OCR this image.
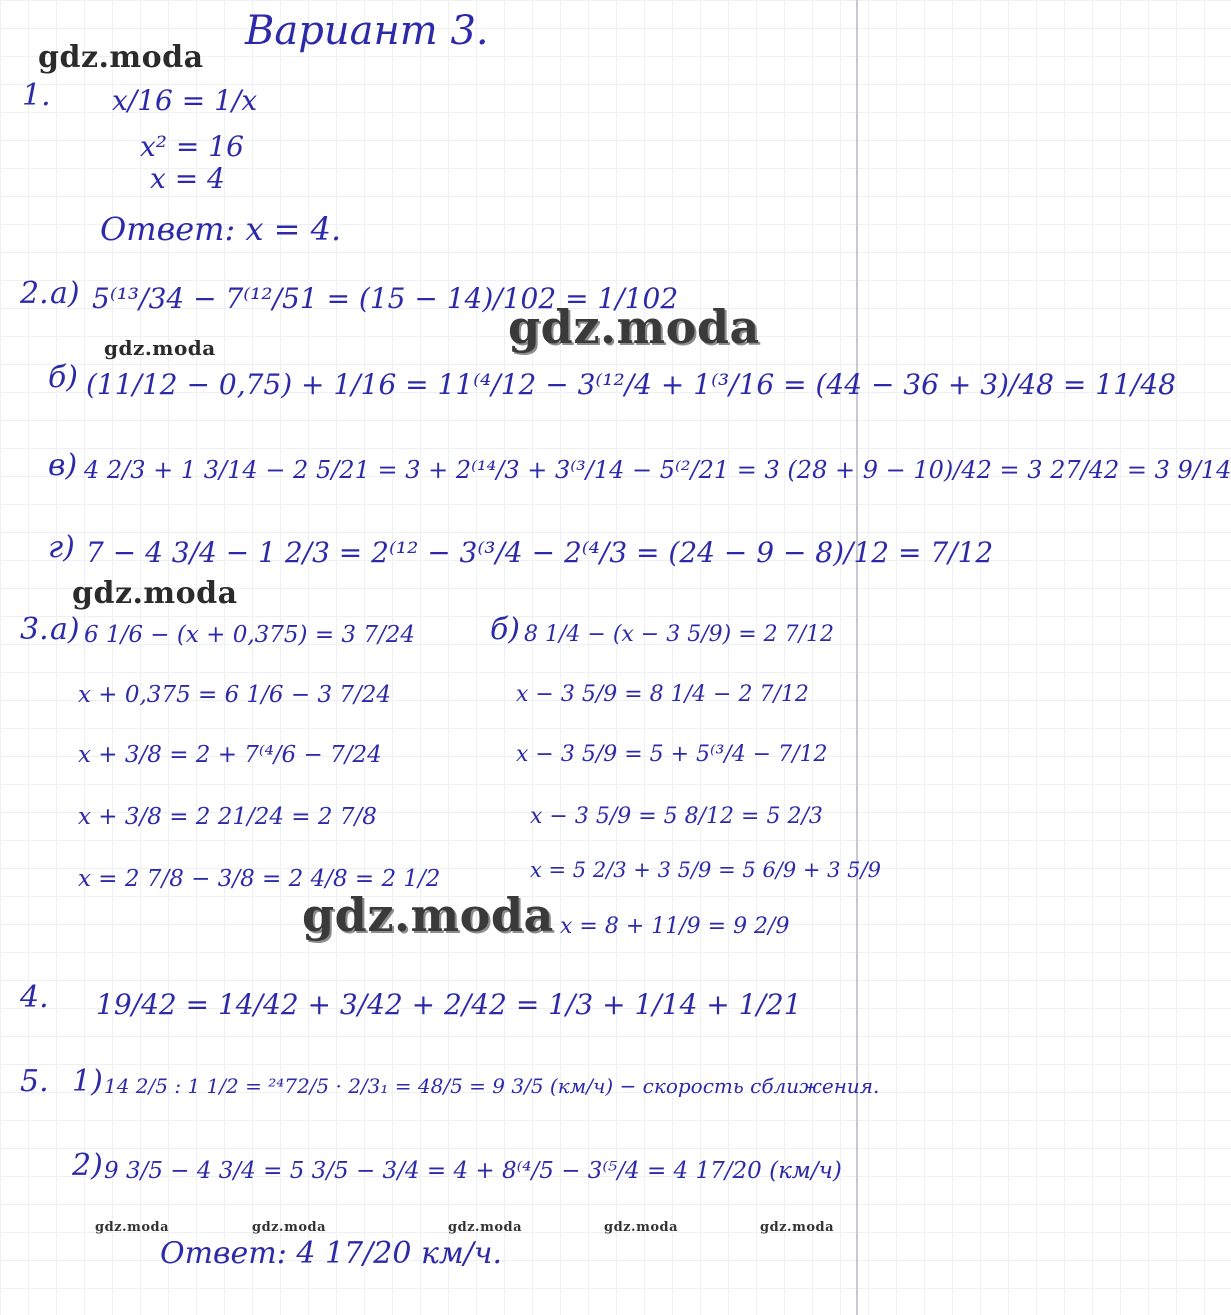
Вариант 3.
gdz.moda
gdz.moda
gdz.moda
gdz.moda
gdz.moda
gdz.moda	gdz.moda	gdz.moda	gdz.moda	gdz.moda
1. x/16 = 1/x
x² = 16
x = 4
Ответ: x = 4.
2. а) 5⁽¹³/34 − 7⁽¹²/51 = (15 − 14)/102 = 1/102
б) (11/12 − 0,75) + 1/16 = 11⁽⁴/12 − 3⁽¹²/4 + 1⁽³/16 = (44 − 36 + 3)/48 = 11/48
в) 4 2/3 + 1 3/14 − 2 5/21 = 3 + 2⁽¹⁴/3 + 3⁽³/14 − 5⁽²/21 = 3 (28 + 9 − 10)/42 = 3 27/42 = 3 9/14
г) 7 − 4 3/4 − 1 2/3 = 2⁽¹² − 3⁽³/4 − 2⁽⁴/3 = (24 − 9 − 8)/12 = 7/12
3. а) 6 1/6 − (x + 0,375) = 3 7/24
x + 0,375 = 6 1/6 − 3 7/24
x + 3/8 = 2 + 7⁽⁴/6 − 7/24
x + 3/8 = 2 21/24 = 2 7/8
x = 2 7/8 − 3/8 = 2 4/8 = 2 1/2
б) 8 1/4 − (x − 3 5/9) = 2 7/12
x − 3 5/9 = 8 1/4 − 2 7/12
x − 3 5/9 = 5 + 5⁽³/4 − 7/12
x − 3 5/9 = 5 8/12 = 5 2/3
x = 5 2/3 + 3 5/9 = 5 6/9 + 3 5/9
x = 8 + 11/9 = 9 2/9
4. 19/42 = 14/42 + 3/42 + 2/42 = 1/3 + 1/14 + 1/21
5. 1) 14 2/5 : 1 1/2 = ²⁴72/5 · 2/3₁ = 48/5 = 9 3/5 (км/ч) − скорость сближения.
2) 9 3/5 − 4 3/4 = 5 3/5 − 3/4 = 4 + 8⁽⁴/5 − 3⁽⁵/4 = 4 17/20 (км/ч)
Ответ: 4 17/20 км/ч.
